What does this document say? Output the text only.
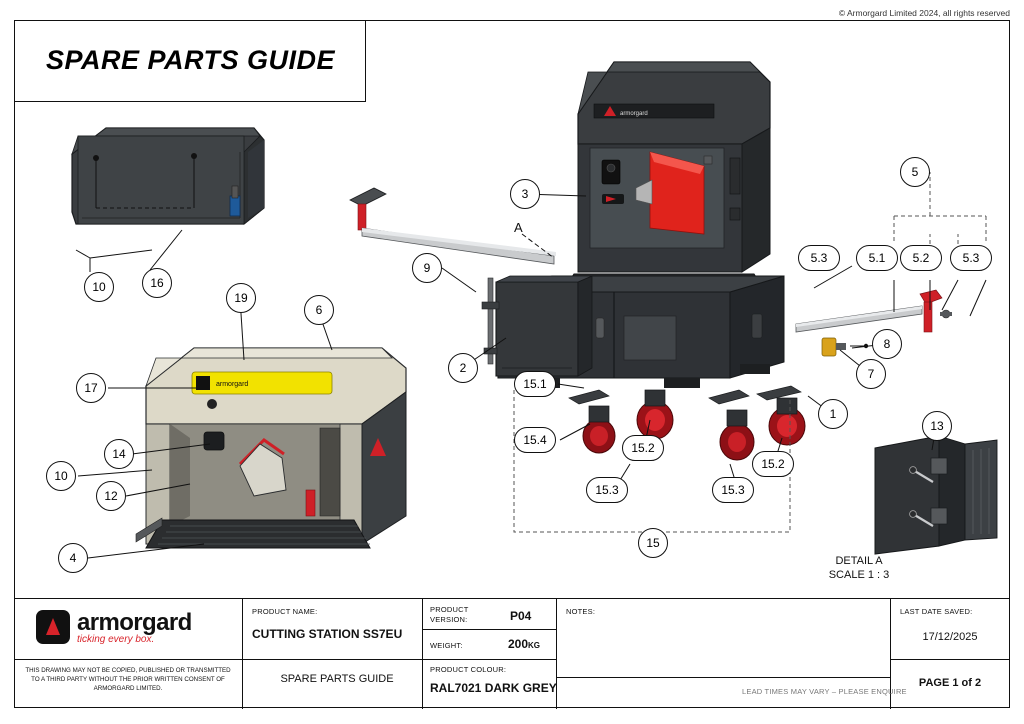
© Armorgard Limited 2024, all rights reserved
SPARE PARTS GUIDE
armorgard
armorgard
10	16
17
14
10
12
4
19
6
9
2
3
1
7
8
13
5
15
15.1
15.4
15.2
15.3	15.3
15.2
5.3	5.1 5.2	5.3
A
DETAIL A
SCALE 1 : 3
armorgard
ticking every box.
THIS DRAWING MAY NOT BE COPIED, PUBLISHED OR TRANSMITTED TO A THIRD PARTY WITHOUT THE PRIOR WRITTEN CONSENT OF ARMORGARD LIMITED.
PRODUCT NAME:
CUTTING STATION SS7EU
SPARE PARTS GUIDE
PRODUCT
VERSION:	P04
WEIGHT:	200KG
PRODUCT COLOUR:
RAL7021 DARK GREY
NOTES:
LEAD TIMES MAY VARY – PLEASE ENQUIRE
LAST DATE SAVED:
17/12/2025
PAGE 1 of 2
